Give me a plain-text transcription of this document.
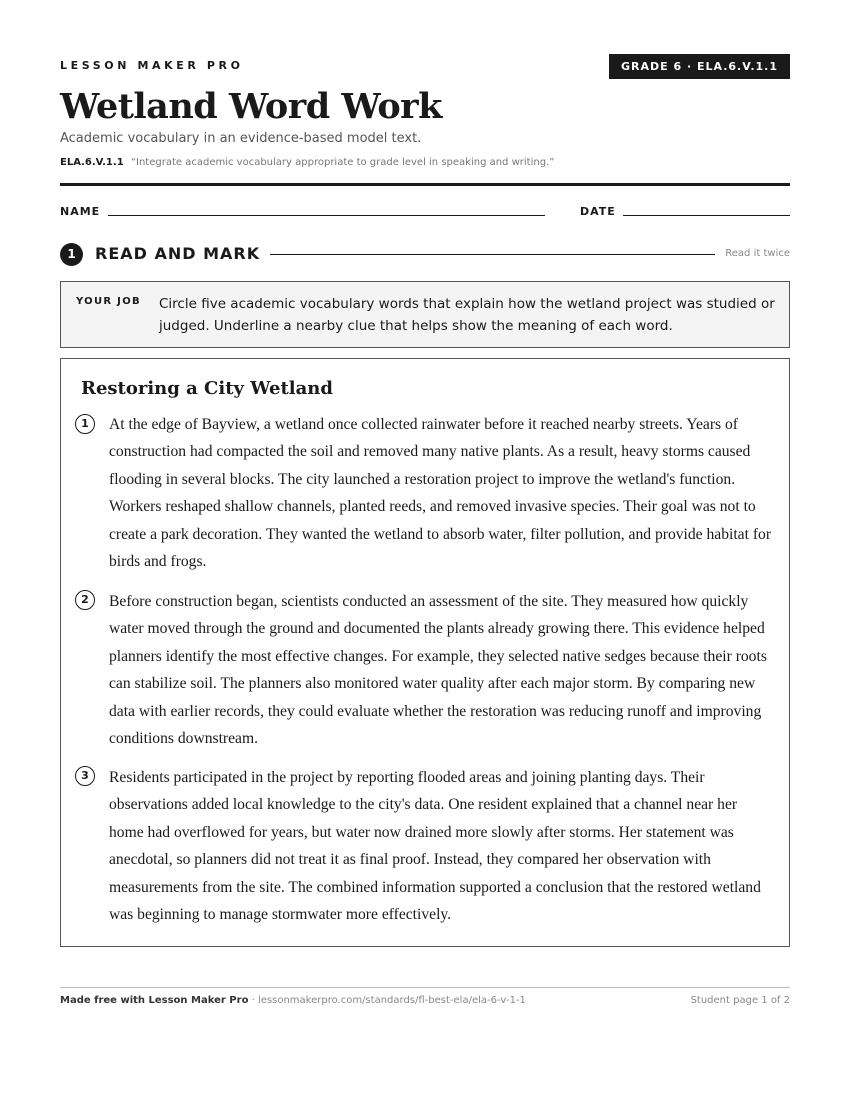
LESSON MAKER PRO	GRADE 6 · ELA.6.V.1.1
Wetland Word Work
Academic vocabulary in an evidence-based model text.
ELA.6.V.1.1 “Integrate academic vocabulary appropriate to grade level in speaking and writing.”
NAME	DATE
1	READ AND MARK	Read it twice
YOUR JOB Circle five academic vocabulary words that explain how the wetland project was studied or judged. Underline a nearby clue that helps show the meaning of each word.
Restoring a City Wetland
1	At the edge of Bayview, a wetland once collected rainwater before it reached nearby streets. Years of construction had compacted the soil and removed many native plants. As a result, heavy storms caused flooding in several blocks. The city launched a restoration project to improve the wetland's function. Workers reshaped shallow channels, planted reeds, and removed invasive species. Their goal was not to create a park decoration. They wanted the wetland to absorb water, filter pollution, and provide habitat for birds and frogs.
2	Before construction began, scientists conducted an assessment of the site. They measured how quickly water moved through the ground and documented the plants already growing there. This evidence helped planners identify the most effective changes. For example, they selected native sedges because their roots can stabilize soil. The planners also monitored water quality after each major storm. By comparing new data with earlier records, they could evaluate whether the restoration was reducing runoff and improving conditions downstream.
3	Residents participated in the project by reporting flooded areas and joining planting days. Their observations added local knowledge to the city's data. One resident explained that a channel near her home had overflowed for years, but water now drained more slowly after storms. Her statement was anecdotal, so planners did not treat it as final proof. Instead, they compared her observation with measurements from the site. The combined information supported a conclusion that the restored wetland was beginning to manage stormwater more effectively.
Made free with Lesson Maker Pro · lessonmakerpro.com/standards/fl-best-ela/ela-6-v-1-1	Student page 1 of 2
